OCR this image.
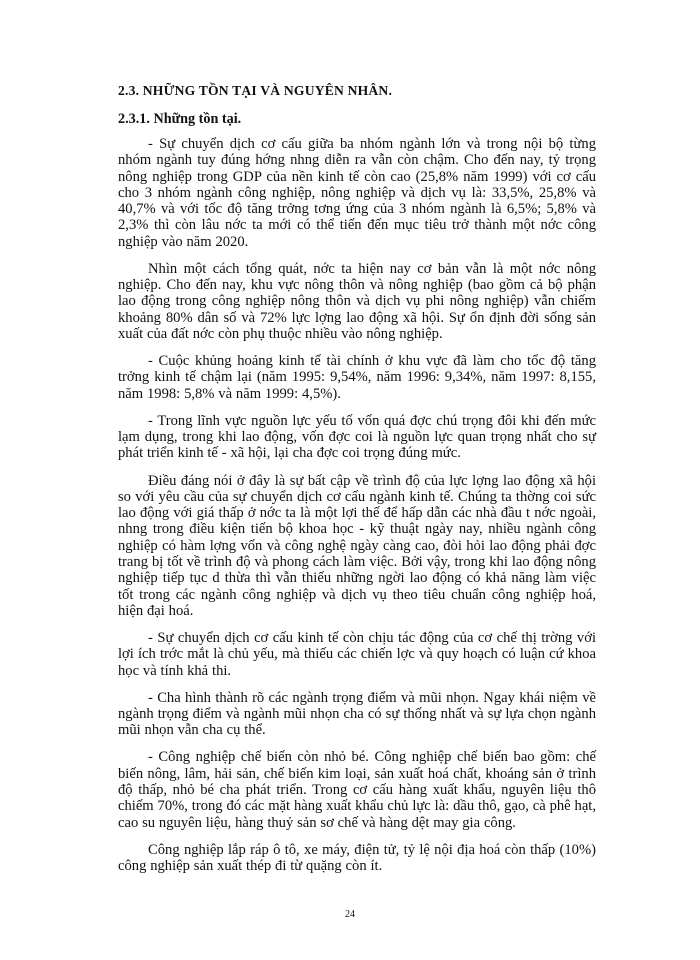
2.3. NHỮNG TỒN TẠI VÀ NGUYÊN NHÂN.
2.3.1. Những tồn tại.

- Sự chuyển dịch cơ cấu giữa ba nhóm ngành lớn và trong nội bộ từng nhóm ngành tuy đúng hớng nhng diễn ra vẫn còn chậm. Cho đến nay, tỷ trọng nông nghiệp trong GDP của nền kinh tế còn cao (25,8% năm 1999) với cơ cấu cho 3 nhóm ngành công nghiệp, nông nghiệp và dịch vụ là: 33,5%, 25,8% và 40,7% và với tốc độ tăng trởng tơng ứng của 3 nhóm ngành là 6,5%; 5,8% và 2,3% thì còn lâu nớc ta mới có thể tiến đến mục tiêu trở thành một nớc công nghiệp vào năm 2020.

Nhìn một cách tổng quát, nớc ta hiện nay cơ bản vẫn là một nớc nông nghiệp. Cho đến nay, khu vực nông thôn và nông nghiệp (bao gồm cả bộ phận lao động trong công nghiệp nông thôn và dịch vụ phi nông nghiệp) vẫn chiếm khoảng 80% dân số và 72% lực lợng lao động xã hội. Sự ổn định đời sống sản xuất của đất nớc còn phụ thuộc nhiều vào nông nghiệp.

- Cuộc khủng hoảng kinh tế tài chính ở khu vực đã làm cho tốc độ tăng trởng kinh tế chậm lại (năm 1995: 9,54%, năm 1996: 9,34%, năm 1997: 8,155, năm 1998: 5,8% và năm 1999: 4,5%).

- Trong lĩnh vực nguồn lực yếu tố vốn quá đợc chú trọng đôi khi đến mức lạm dụng, trong khi lao động, vốn đợc coi là nguồn lực quan trọng nhất cho sự phát triển kinh tế - xã hội, lại cha đợc coi trọng đúng mức.

Điều đáng nói ở đây là sự bất cập về trình độ của lực lợng lao động xã hội so với yêu cầu của sự chuyển dịch cơ cấu ngành kinh tế. Chúng ta thờng coi sức lao động với giá thấp ở nớc ta là một lợi thế để hấp dẫn các nhà đầu t nớc ngoài, nhng trong điều kiện tiến bộ khoa học - kỹ thuật ngày nay, nhiều ngành công nghiệp có hàm lợng vốn và công nghệ ngày càng cao, đòi hỏi lao động phải đợc trang bị tốt về trình độ và phong cách làm việc. Bởi vậy, trong khi lao động nông nghiệp tiếp tục d thừa thì vẫn thiếu những ngời lao động có khả năng làm việc tốt trong các ngành công nghiệp và dịch vụ theo tiêu chuẩn công nghiệp hoá, hiện đại hoá.

- Sự chuyển dịch cơ cấu kinh tế còn chịu tác động của cơ chế thị trờng với lợi ích trớc mắt là chủ yếu, mà thiếu các chiến lợc và quy hoạch có luận cứ khoa học và tính khả thi.

- Cha hình thành rõ các ngành trọng điểm và mũi nhọn. Ngay khái niệm về ngành trọng điểm và ngành mũi nhọn cha có sự thống nhất và sự lựa chọn ngành mũi nhọn vẫn cha cụ thể.

- Công nghiệp chế biến còn nhỏ bé. Công nghiệp chế biến bao gồm: chế biến nông, lâm, hải sản, chế biến kim loại, sản xuất hoá chất, khoáng sản ở trình độ thấp, nhỏ bé cha phát triển. Trong cơ cấu hàng xuất khẩu, nguyên liệu thô chiếm 70%, trong đó các mặt hàng xuất khẩu chủ lực là: dầu thô, gạo, cà phê hạt, cao su nguyên liệu, hàng thuỷ sản sơ chế và hàng dệt may gia công.

Công nghiệp lắp ráp ô tô, xe máy, điện tử, tỷ lệ nội địa hoá còn thấp (10%) công nghiệp sản xuất thép đi từ quặng còn ít.

24
